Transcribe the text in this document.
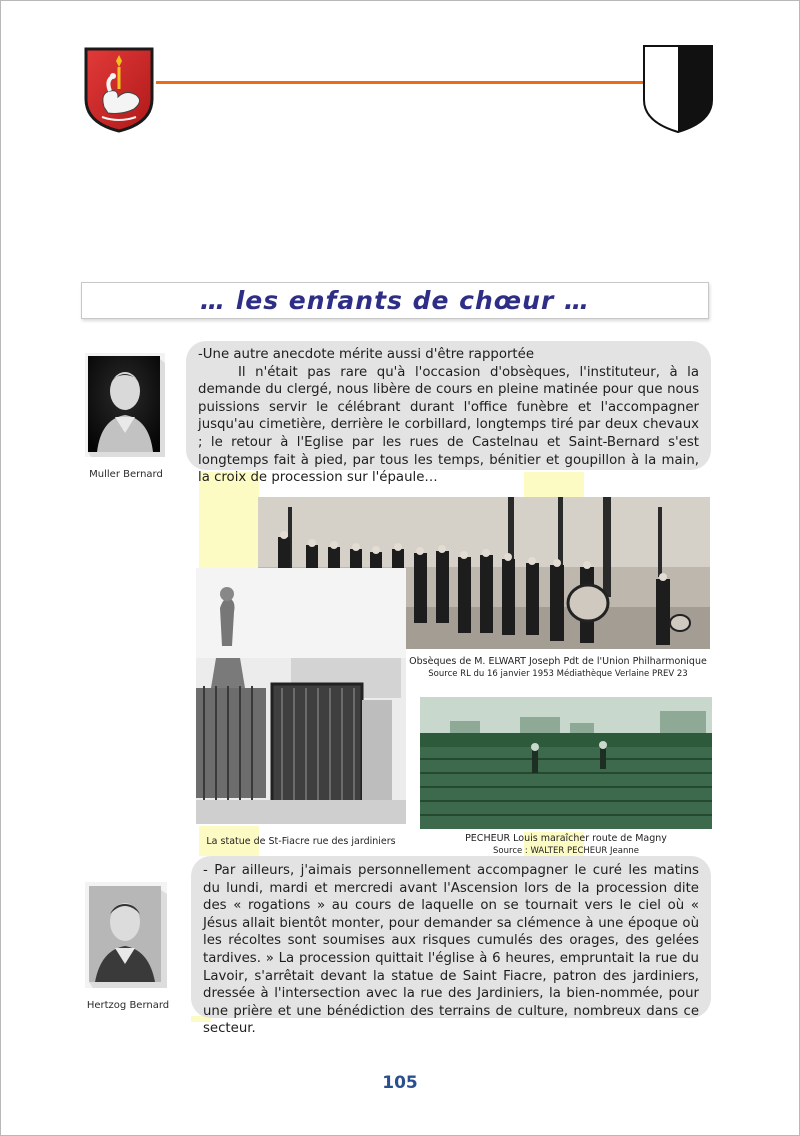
… les enfants de chœur …
Muller Bernard

-Une autre anecdote mérite aussi d'être rapportée

Il n'était pas rare qu'à l'occasion d'obsèques, l'instituteur, à la demande du clergé, nous libère de cours en pleine matinée pour que nous puissions servir le célébrant durant l'office funèbre et l'accompagner jusqu'au cimetière, derrière le corbillard, longtemps tiré par deux chevaux ; le retour à l'Eglise par les rues de Castelnau et Saint-Bernard s'est longtemps fait à pied, par tous les temps, bénitier et goupillon à la main, la croix de procession sur l'épaule…

Obsèques de M. ELWART Joseph Pdt de l'Union Philharmonique
Source RL du 16 janvier 1953 Médiathèque Verlaine PREV 23
La statue de St-Fiacre rue des jardiniers	PECHEUR Louis maraîcher route de Magny
Source : WALTER PECHEUR Jeanne
Hertzog Bernard

- Par ailleurs, j'aimais personnellement accompagner le curé les matins du lundi, mardi et mercredi avant l'Ascension lors de la procession dite des « rogations » au cours de laquelle on se tournait vers le ciel où « Jésus allait bientôt monter, pour demander sa clémence à une époque où les récoltes sont soumises aux risques cumulés des orages, des gelées tardives. » La procession quittait l'église à 6 heures, empruntait la rue du Lavoir, s'arrêtait devant la statue de Saint Fiacre, patron des jardiniers, dressée à l'intersection avec la rue des Jardiniers, la bien-nommée, pour une prière et une bénédiction des terrains de culture, nombreux dans ce secteur.

105
